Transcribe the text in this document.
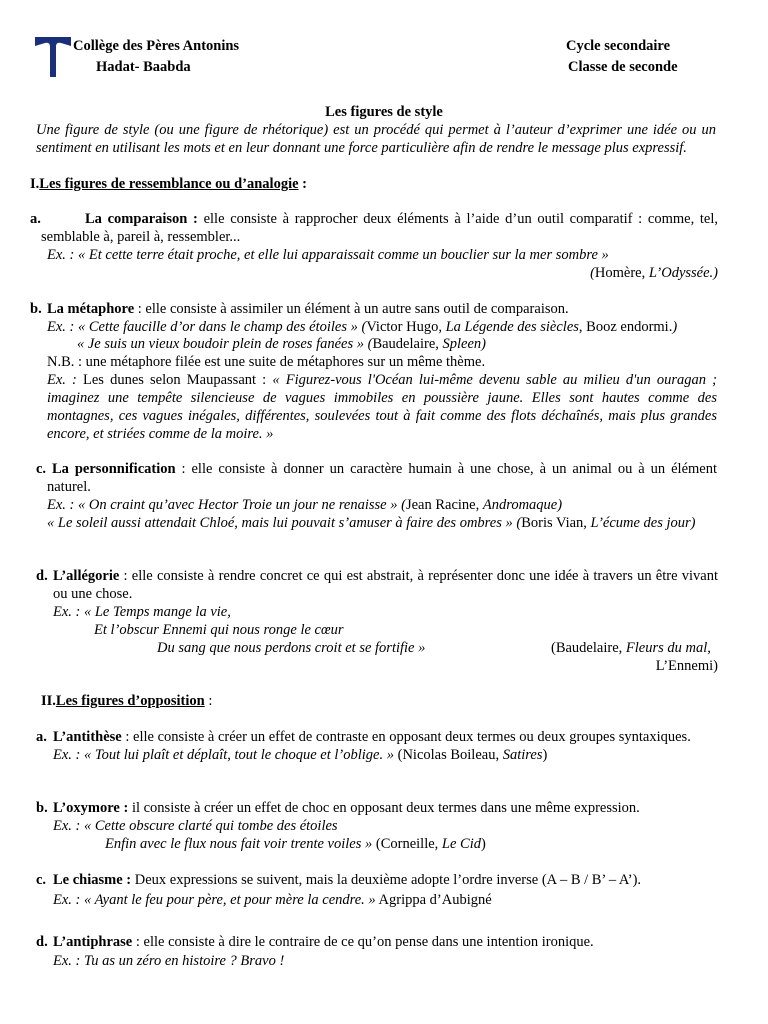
Collège des Pères Antonins
Hadat- Baabda
Cycle secondaire
Classe de seconde
Les figures de style
Une figure de style (ou une figure de rhétorique) est un procédé qui permet à l’auteur d’exprimer une idée ou un sentiment en utilisant les mots et en leur donnant une force particulière afin de rendre le message plus expressif.
I.Les figures de ressemblance ou d’analogie :
a.	La comparaison : elle consiste à rapprocher deux éléments à l’aide d’un outil comparatif : comme, tel, semblable à, pareil à, ressembler...
Ex. : « Et cette terre était proche, et elle lui apparaissait comme un bouclier sur la mer sombre »
(Homère, L’Odyssée.)
b. La métaphore : elle consiste à assimiler un élément à un autre sans outil de comparaison.
Ex. : « Cette faucille d’or dans le champ des étoiles » (Victor Hugo, La Légende des siècles, Booz endormi.)
« Je suis un vieux boudoir plein de roses fanées » (Baudelaire, Spleen)
N.B. : une métaphore filée est une suite de métaphores sur un même thème.
Ex. : Les dunes selon Maupassant : « Figurez-vous l'Océan lui-même devenu sable au milieu d'un ouragan ; imaginez une tempête silencieuse de vagues immobiles en poussière jaune. Elles sont hautes comme des montagnes, ces vagues inégales, différentes, soulevées tout à fait comme des flots déchaînés, mais plus grandes encore, et striées comme de la moire. »
c. La personnification : elle consiste à donner un caractère humain à une chose, à un animal ou à un élément naturel.
Ex. : « On craint qu’avec Hector Troie un jour ne renaisse » (Jean Racine, Andromaque)
« Le soleil aussi attendait Chloé, mais lui pouvait s’amuser à faire des ombres » (Boris Vian, L’écume des jour)
d. L’allégorie : elle consiste à rendre concret ce qui est abstrait, à représenter donc une idée à travers un être vivant ou une chose.
Ex. : « Le Temps mange la vie,
Et l’obscur Ennemi qui nous ronge le cœur
Du sang que nous perdons croit et se fortifie »	(Baudelaire, Fleurs du mal,
L’Ennemi)
II.Les figures d’opposition :
a. L’antithèse : elle consiste à créer un effet de contraste en opposant deux termes ou deux groupes syntaxiques.
Ex. : « Tout lui plaît et déplaît, tout le choque et l’oblige. » (Nicolas Boileau, Satires)
b. L’oxymore : il consiste à créer un effet de choc en opposant deux termes dans une même expression.
Ex. : « Cette obscure clarté qui tombe des étoiles
Enfin avec le flux nous fait voir trente voiles » (Corneille, Le Cid)
c. Le chiasme : Deux expressions se suivent, mais la deuxième adopte l’ordre inverse (A – B / B’ – A’).
Ex. : « Ayant le feu pour père, et pour mère la cendre. » Agrippa d’Aubigné
d. L’antiphrase : elle consiste à dire le contraire de ce qu’on pense dans une intention ironique.
Ex. : Tu as un zéro en histoire ? Bravo !
